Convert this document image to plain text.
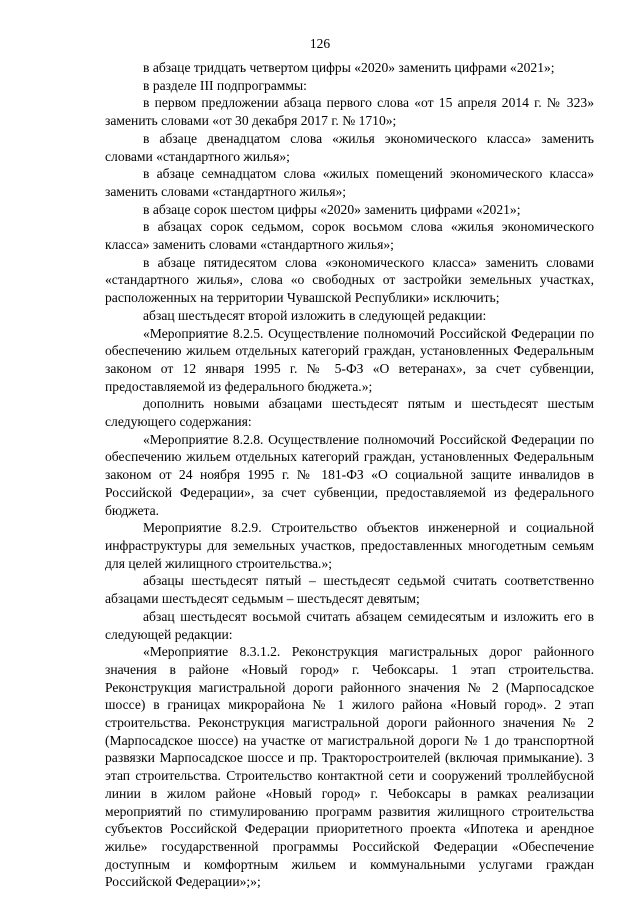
126

в абзаце тридцать четвертом цифры «2020» заменить цифрами «2021»;

в разделе III подпрограммы:

в первом предложении абзаца первого слова «от 15 апреля 2014 г. № 323» заменить словами «от 30 декабря 2017 г. № 1710»;

в абзаце двенадцатом слова «жилья экономического класса» заменить словами «стандартного жилья»;

в абзаце семнадцатом слова «жилых помещений экономического класса» заменить словами «стандартного жилья»;

в абзаце сорок шестом цифры «2020» заменить цифрами «2021»;

в абзацах сорок седьмом, сорок восьмом слова «жилья экономического класса» заменить словами «стандартного жилья»;

в абзаце пятидесятом слова «экономического класса» заменить словами «стандартного жилья», слова «о свободных от застройки земельных участках, расположенных на территории Чувашской Республики» исключить;

абзац шестьдесят второй изложить в следующей редакции:

«Мероприятие 8.2.5. Осуществление полномочий Российской Федерации по обеспечению жильем отдельных категорий граждан, установленных Федеральным законом от 12 января 1995 г. № 5-ФЗ «О ветеранах», за счет субвенции, предоставляемой из федерального бюджета.»;

дополнить новыми абзацами шестьдесят пятым и шестьдесят шестым следующего содержания:

«Мероприятие 8.2.8. Осуществление полномочий Российской Федерации по обеспечению жильем отдельных категорий граждан, установленных Федеральным законом от 24 ноября 1995 г. № 181-ФЗ «О социальной защите инвалидов в Российской Федерации», за счет субвенции, предоставляемой из федерального бюджета.

Мероприятие 8.2.9. Строительство объектов инженерной и социальной инфраструктуры для земельных участков, предоставленных многодетным семьям для целей жилищного строительства.»;

абзацы шестьдесят пятый – шестьдесят седьмой считать соответственно абзацами шестьдесят седьмым – шестьдесят девятым;

абзац шестьдесят восьмой считать абзацем семидесятым и изложить его в следующей редакции:

«Мероприятие 8.3.1.2. Реконструкция магистральных дорог районного значения в районе «Новый город» г. Чебоксары. 1 этап строительства. Реконструкция магистральной дороги районного значения № 2 (Марпосадское шоссе) в границах микрорайона № 1 жилого района «Новый город». 2 этап строительства. Реконструкция магистральной дороги районного значения № 2 (Марпосадское шоссе) на участке от магистральной дороги № 1 до транспортной развязки Марпосадское шоссе и пр. Тракторостроителей (включая примыкание). 3 этап строительства. Строительство контактной сети и сооружений троллейбусной линии в жилом районе «Новый город» г. Чебоксары в рамках реализации мероприятий по стимулированию программ развития жилищного строительства субъектов Российской Федерации приоритетного проекта «Ипотека и арендное жилье» государственной программы Российской Федерации «Обеспечение доступным и комфортным жильем и коммунальными услугами граждан Российской Федерации»;»;
